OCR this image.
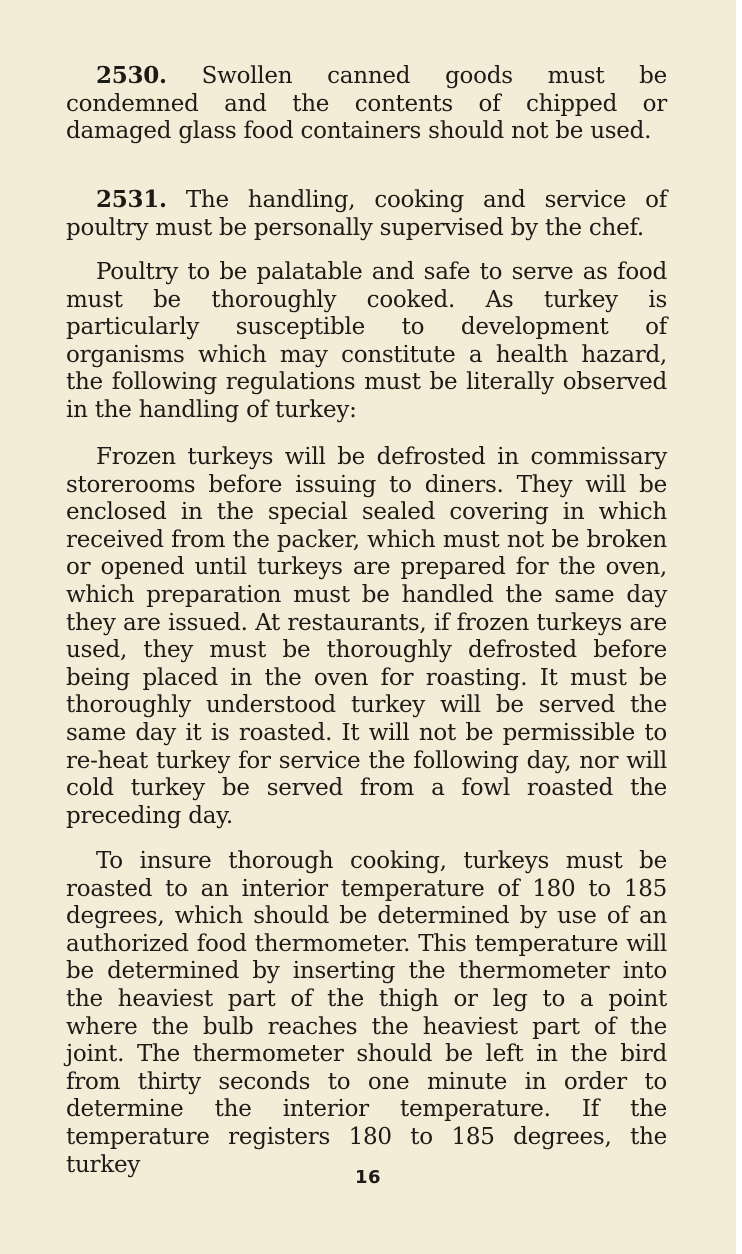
2530. Swollen canned goods must be condemned and the contents of chipped or damaged glass food containers should not be used.

2531. The handling, cooking and service of poultry must be personally supervised by the chef.

Poultry to be palatable and safe to serve as food must be thoroughly cooked. As turkey is particularly susceptible to development of organisms which may constitute a health hazard, the following regulations must be literally observed in the handling of turkey:

Frozen turkeys will be defrosted in commissary storerooms before issuing to diners. They will be enclosed in the special sealed covering in which received from the packer, which must not be broken or opened until turkeys are prepared for the oven, which preparation must be handled the same day they are issued. At restaurants, if frozen turkeys are used, they must be thoroughly defrosted before being placed in the oven for roasting. It must be thoroughly understood turkey will be served the same day it is roasted. It will not be permissible to re-heat turkey for service the following day, nor will cold turkey be served from a fowl roasted the preceding day.

To insure thorough cooking, turkeys must be roasted to an interior temperature of 180 to 185 degrees, which should be determined by use of an authorized food thermometer. This temperature will be determined by inserting the thermometer into the heaviest part of the thigh or leg to a point where the bulb reaches the heaviest part of the joint. The thermometer should be left in the bird from thirty seconds to one minute in order to determine the interior temperature. If the temperature registers 180 to 185 degrees, the turkey	16
